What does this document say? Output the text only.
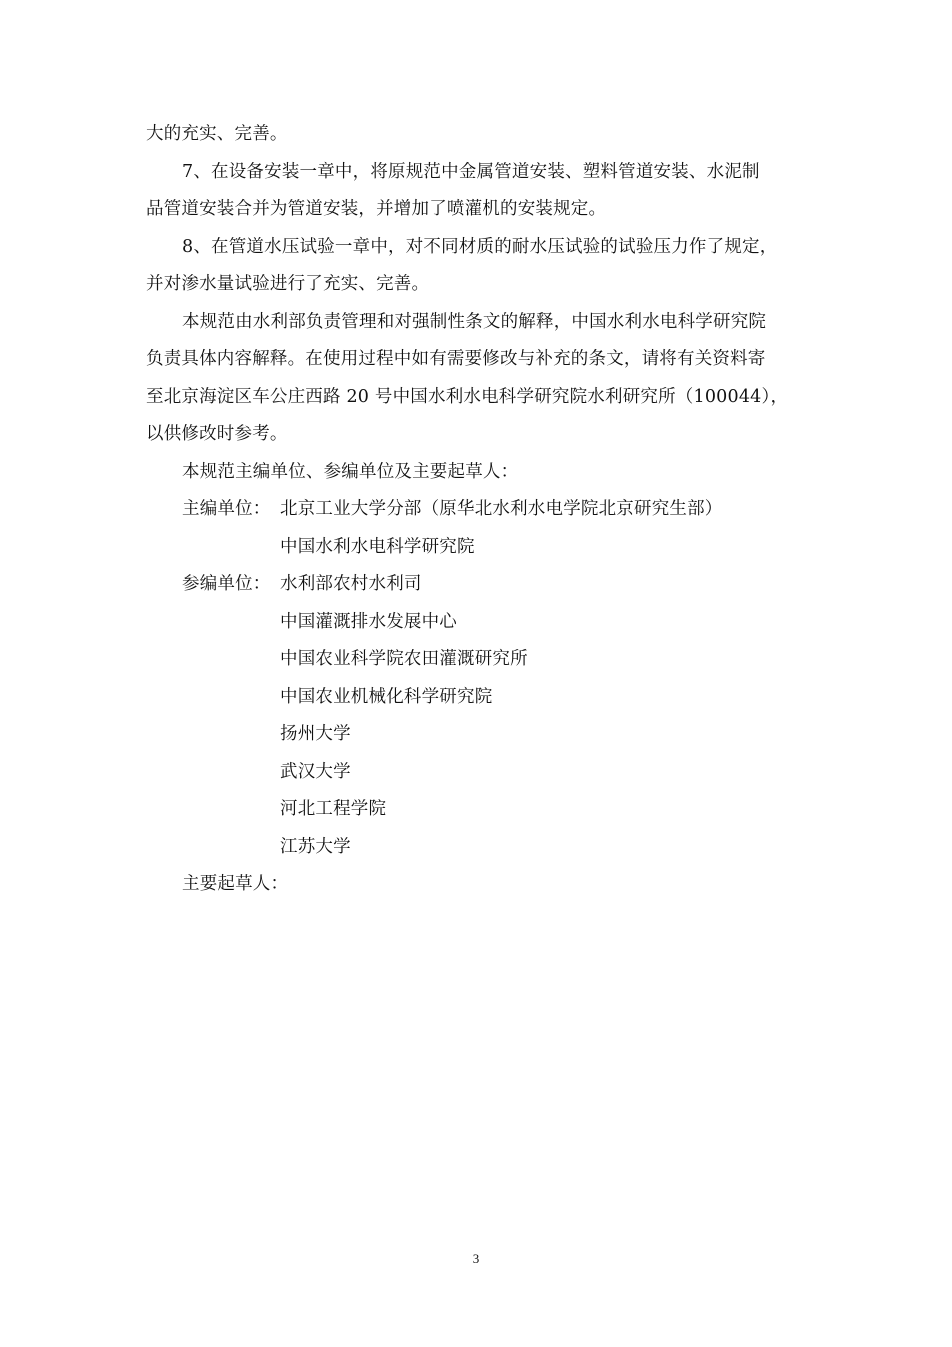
大的充实、完善。

7、在设备安装一章中，将原规范中金属管道安装、塑料管道安装、水泥制
品管道安装合并为管道安装，并增加了喷灌机的安装规定。

8、在管道水压试验一章中，对不同材质的耐水压试验的试验压力作了规定，
并对渗水量试验进行了充实、完善。

本规范由水利部负责管理和对强制性条文的解释，中国水利水电科学研究院
负责具体内容解释。在使用过程中如有需要修改与补充的条文，请将有关资料寄
至北京海淀区车公庄西路 20 号中国水利水电科学研究院水利研究所（100044），
以供修改时参考。

本规范主编单位、参编单位及主要起草人：

主编单位： 北京工业大学分部（原华北水利水电学院北京研究生部）
中国水利水电科学研究院
参编单位： 水利部农村水利司
中国灌溉排水发展中心
中国农业科学院农田灌溉研究所
中国农业机械化科学研究院
扬州大学
武汉大学
河北工程学院
江苏大学
主要起草人：
3
